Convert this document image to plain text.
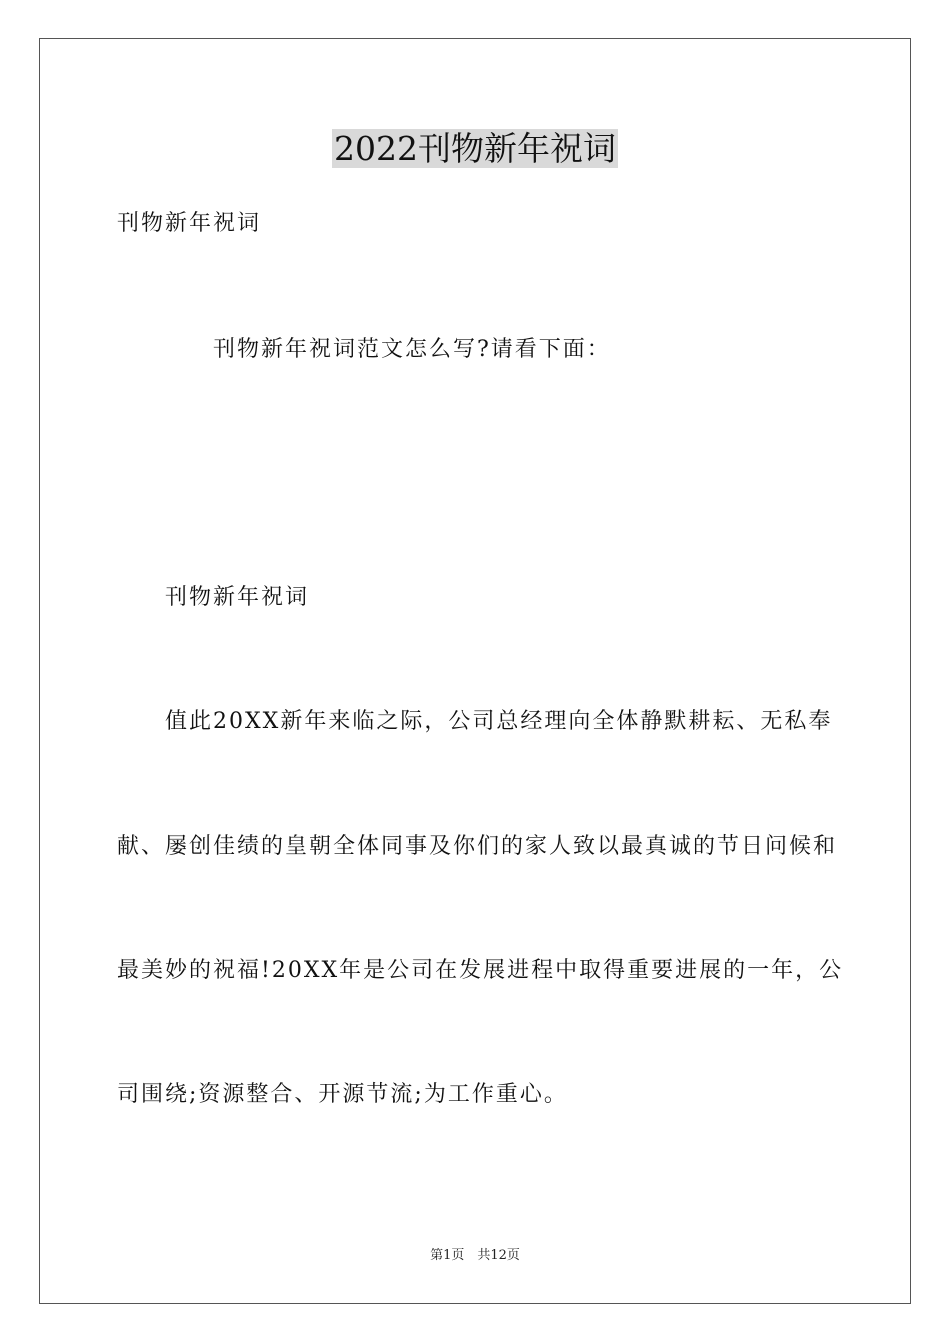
2022刊物新年祝词
刊物新年祝词
刊物新年祝词范文怎么写?请看下面：
刊物新年祝词
值此20XX新年来临之际，公司总经理向全体静默耕耘、无私奉
献、屡创佳绩的皇朝全体同事及你们的家人致以最真诚的节日问候和
最美妙的祝福!20XX年是公司在发展进程中取得重要进展的一年，公
司围绕;资源整合、开源节流;为工作重心。
第1页　共12页
